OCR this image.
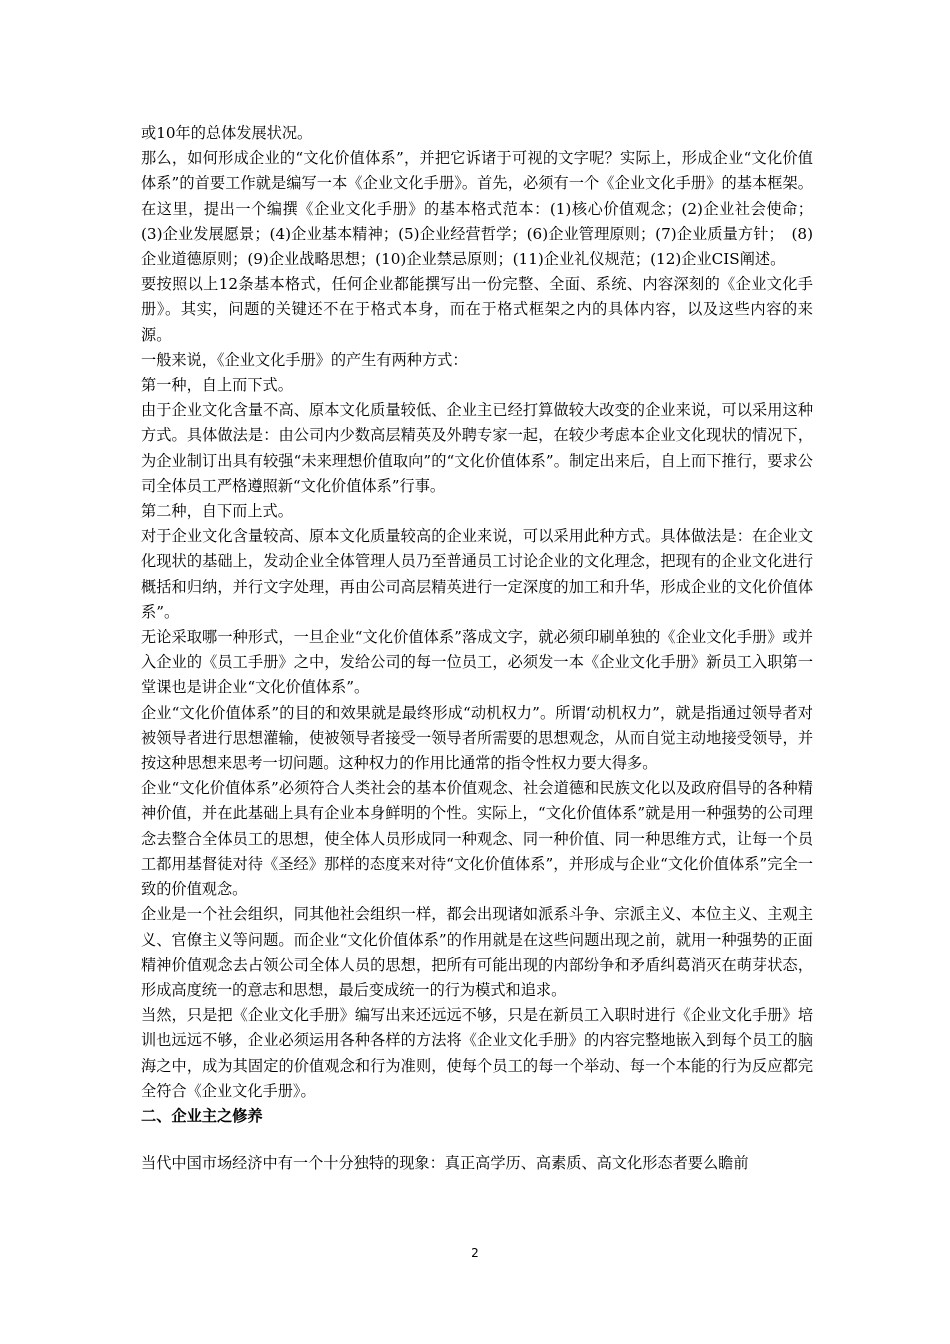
或10年的总体发展状况。

那么，如何形成企业的“文化价值体系”，并把它诉诸于可视的文字呢？实际上，形成企业“文化价值体系”的首要工作就是编写一本《企业文化手册》。首先，必须有一个《企业文化手册》的基本框架。在这里，提出一个编撰《企业文化手册》的基本格式范本：(1)核心价值观念；(2)企业社会使命；(3)企业发展愿景；(4)企业基本精神；(5)企业经营哲学；(6)企业管理原则；(7)企业质量方针；　(8)企业道德原则；(9)企业战略思想；(10)企业禁忌原则；(11)企业礼仪规范；(12)企业CIS阐述。

要按照以上12条基本格式，任何企业都能撰写出一份完整、全面、系统、内容深刻的《企业文化手册》。其实，问题的关键还不在于格式本身，而在于格式框架之内的具体内容，以及这些内容的来源。

一般来说，《企业文化手册》的产生有两种方式：

第一种，自上而下式。

由于企业文化含量不高、原本文化质量较低、企业主已经打算做较大改变的企业来说，可以采用这种方式。具体做法是：由公司内少数高层精英及外聘专家一起，在较少考虑本企业文化现状的情况下，为企业制订出具有较强“未来理想价值取向”的“文化价值体系”。制定出来后，自上而下推行，要求公司全体员工严格遵照新“文化价值体系”行事。

第二种，自下而上式。

对于企业文化含量较高、原本文化质量较高的企业来说，可以采用此种方式。具体做法是：在企业文化现状的基础上，发动企业全体管理人员乃至普通员工讨论企业的文化理念，把现有的企业文化进行概括和归纳，并行文字处理，再由公司高层精英进行一定深度的加工和升华，形成企业的文化价值体系”。

无论采取哪一种形式，一旦企业“文化价值体系”落成文字，就必须印刷单独的《企业文化手册》或并入企业的《员工手册》之中，发给公司的每一位员工，必须发一本《企业文化手册》新员工入职第一堂课也是讲企业“文化价值体系”。

企业“文化价值体系”的目的和效果就是最终形成“动机权力”。所谓‘动机权力”，就是指通过领导者对被领导者进行思想灌输，使被领导者接受一领导者所需要的思想观念，从而自觉主动地接受领导，并按这种思想来思考一切问题。这种权力的作用比通常的指令性权力要大得多。

企业“文化价值体系”必须符合人类社会的基本价值观念、社会道德和民族文化以及政府倡导的各种精神价值，并在此基础上具有企业本身鲜明的个性。实际上，“文化价值体系”就是用一种强势的公司理念去整合全体员工的思想，使全体人员形成同一种观念、同一种价值、同一种思维方式，让每一个员工都用基督徒对待《圣经》那样的态度来对待“文化价值体系”，并形成与企业“文化价值体系”完全一致的价值观念。

企业是一个社会组织，同其他社会组织一样，都会出现诸如派系斗争、宗派主义、本位主义、主观主义、官僚主义等问题。而企业“文化价值体系”的作用就是在这些问题出现之前，就用一种强势的正面精神价值观念去占领公司全体人员的思想，把所有可能出现的内部纷争和矛盾纠葛消灭在萌芽状态，形成高度统一的意志和思想，最后变成统一的行为模式和追求。

当然，只是把《企业文化手册》编写出来还远远不够，只是在新员工入职时进行《企业文化手册》培训也远远不够，企业必须运用各种各样的方法将《企业文化手册》的内容完整地嵌入到每个员工的脑海之中，成为其固定的价值观念和行为准则，使每个员工的每一个举动、每一个本能的行为反应都完全符合《企业文化手册》。

二、企业主之修养

当代中国市场经济中有一个十分独特的现象：真正高学历、高素质、高文化形态者要么瞻前

2
